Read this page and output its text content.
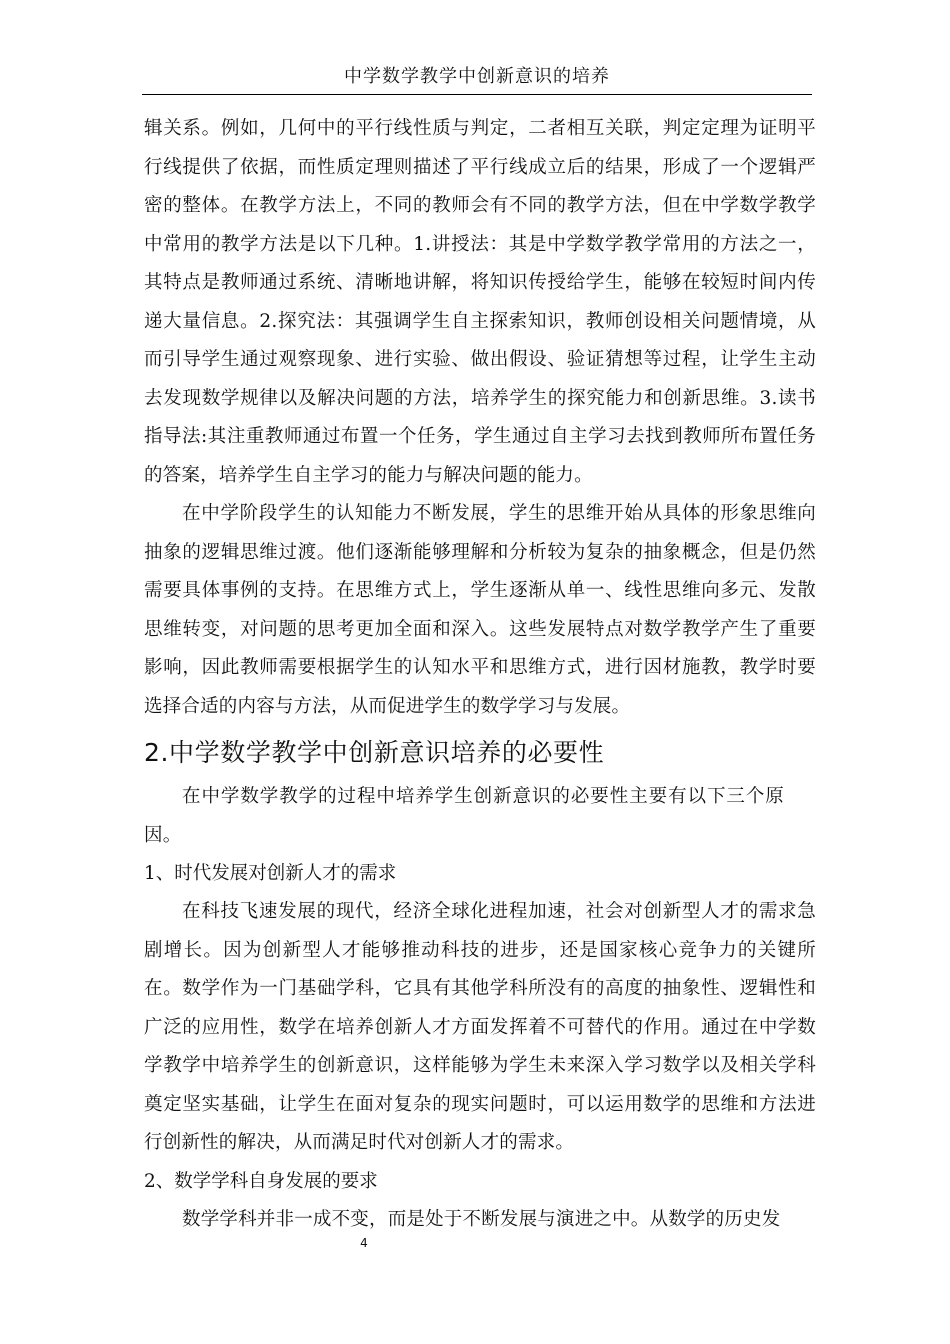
中学数学教学中创新意识的培养

辑关系。例如，几何中的平行线性质与判定，二者相互关联，判定定理为证明平行线提供了依据，而性质定理则描述了平行线成立后的结果，形成了一个逻辑严密的整体。在教学方法上，不同的教师会有不同的教学方法，但在中学数学教学中常用的教学方法是以下几种。1.讲授法：其是中学数学教学常用的方法之一，其特点是教师通过系统、清晰地讲解，将知识传授给学生，能够在较短时间内传递大量信息。2.探究法：其强调学生自主探索知识，教师创设相关问题情境，从而引导学生通过观察现象、进行实验、做出假设、验证猜想等过程，让学生主动去发现数学规律以及解决问题的方法，培养学生的探究能力和创新思维。3.读书指导法:其注重教师通过布置一个任务，学生通过自主学习去找到教师所布置任务的答案，培养学生自主学习的能力与解决问题的能力。

在中学阶段学生的认知能力不断发展，学生的思维开始从具体的形象思维向抽象的逻辑思维过渡。他们逐渐能够理解和分析较为复杂的抽象概念，但是仍然需要具体事例的支持。在思维方式上，学生逐渐从单一、线性思维向多元、发散思维转变，对问题的思考更加全面和深入。这些发展特点对数学教学产生了重要影响，因此教师需要根据学生的认知水平和思维方式，进行因材施教，教学时要选择合适的内容与方法，从而促进学生的数学学习与发展。

2.中学数学教学中创新意识培养的必要性

在中学数学教学的过程中培养学生创新意识的必要性主要有以下三个原因。

1、时代发展对创新人才的需求

在科技飞速发展的现代，经济全球化进程加速，社会对创新型人才的需求急剧增长。因为创新型人才能够推动科技的进步，还是国家核心竞争力的关键所在。数学作为一门基础学科，它具有其他学科所没有的高度的抽象性、逻辑性和广泛的应用性，数学在培养创新人才方面发挥着不可替代的作用。通过在中学数学教学中培养学生的创新意识，这样能够为学生未来深入学习数学以及相关学科奠定坚实基础，让学生在面对复杂的现实问题时，可以运用数学的思维和方法进行创新性的解决，从而满足时代对创新人才的需求。

2、数学学科自身发展的要求

数学学科并非一成不变，而是处于不断发展与演进之中。从数学的历史发

4
